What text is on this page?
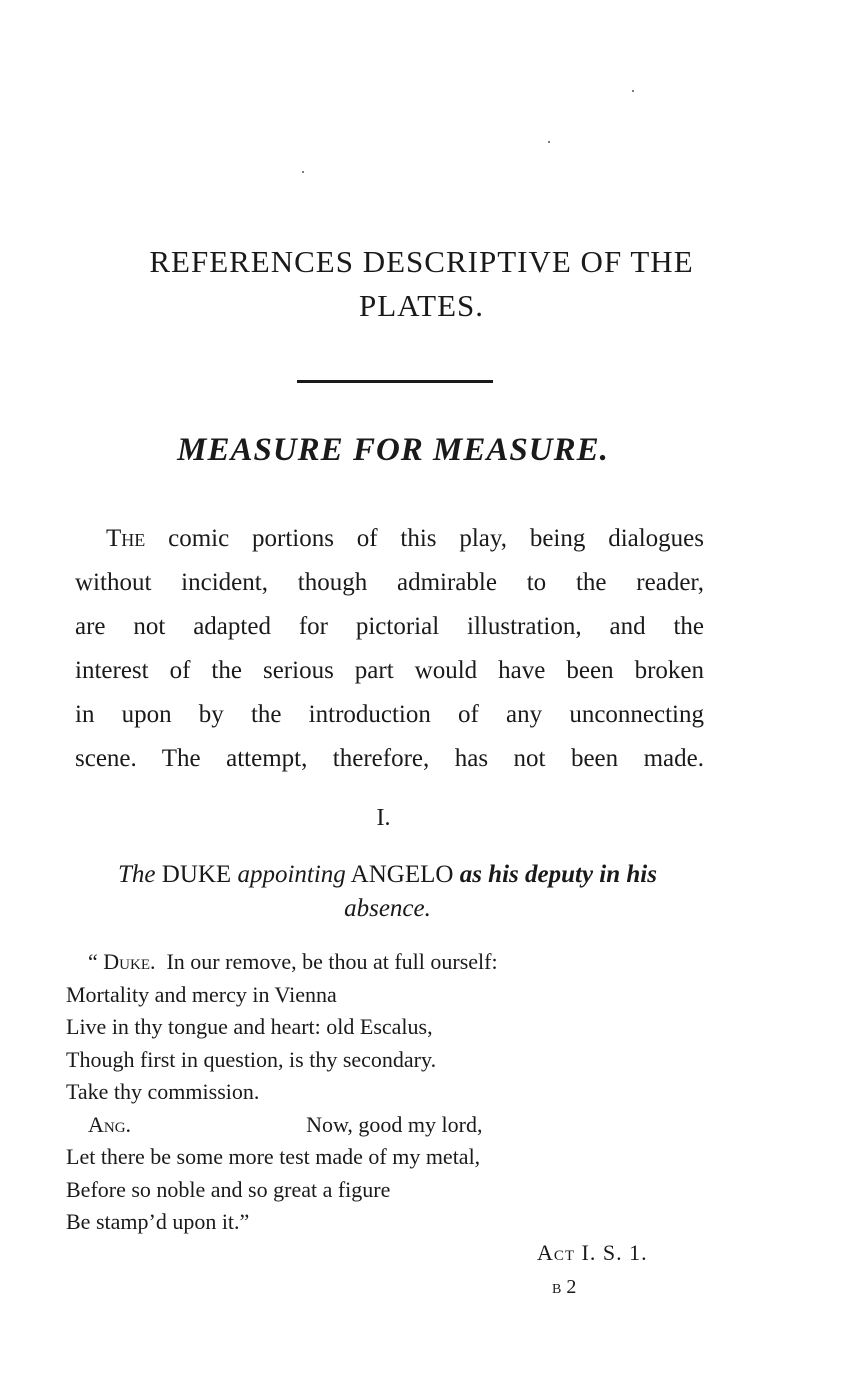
REFERENCES DESCRIPTIVE OF THE
PLATES.
MEASURE FOR MEASURE.
The comic portions of this play, being dialogues
without incident, though admirable to the reader,
are not adapted for pictorial illustration, and the
interest of the serious part would have been broken
in upon by the introduction of any unconnecting
scene. The attempt, therefore, has not been made.
I.
The DUKE appointing ANGELO as his deputy in his
absence.
“ Duke. In our remove, be thou at full ourself:
Mortality and mercy in Vienna
Live in thy tongue and heart: old Escalus,
Though first in question, is thy secondary.
Take thy commission.
Ang.	Now, good my lord,
Let there be some more test made of my metal,
Before so noble and so great a figure
Be stamp’d upon it.”
Act I. S. 1.
b 2
